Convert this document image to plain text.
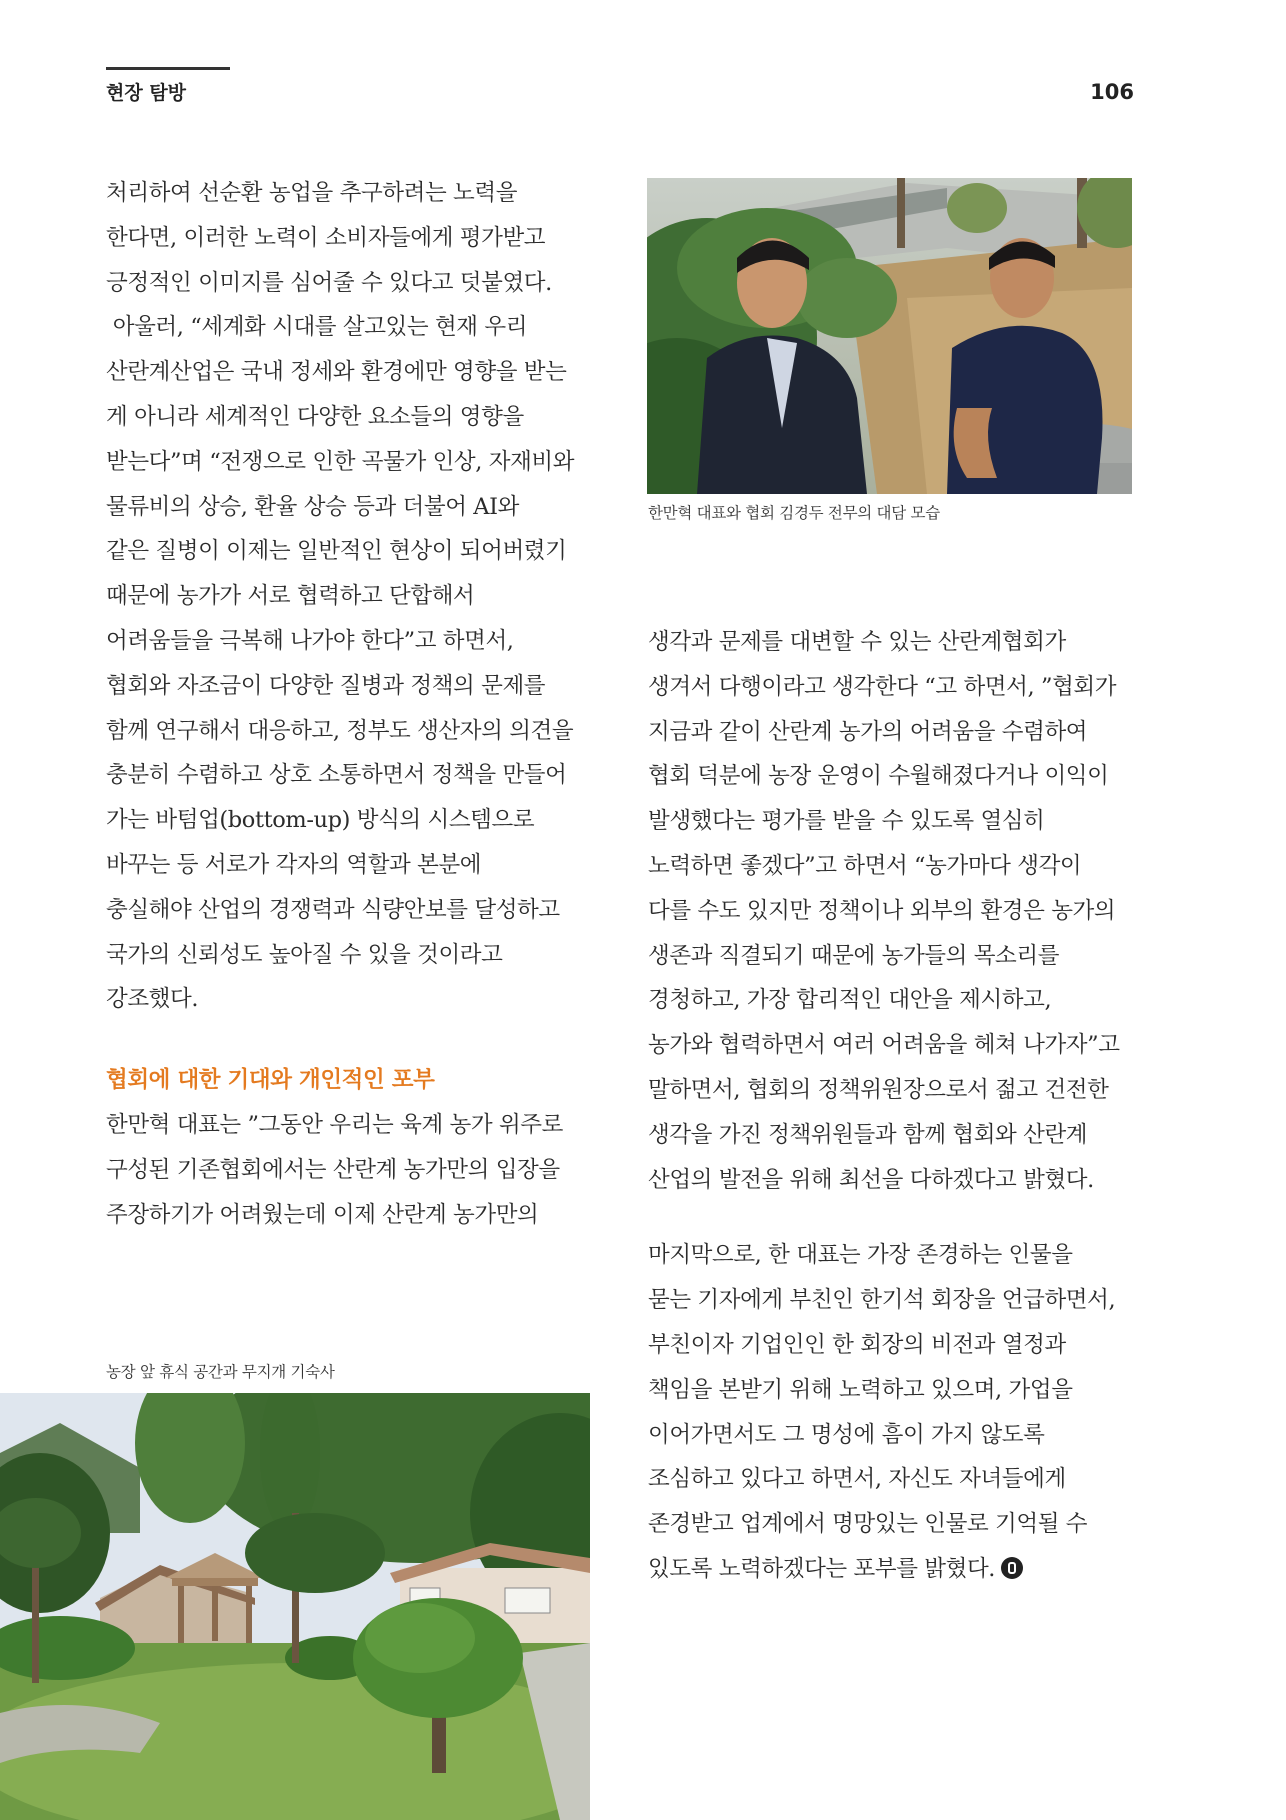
현장 탐방	106
한만혁 대표와 협회 김경두 전무의 대담 모습
농장 앞 휴식 공간과 무지개 기숙사

처리하여 선순환 농업을 추구하려는 노력을

한다면, 이러한 노력이 소비자들에게 평가받고

긍정적인 이미지를 심어줄 수 있다고 덧붙였다.

아울러, “세계화 시대를 살고있는 현재 우리

산란계산업은 국내 정세와 환경에만 영향을 받는

게 아니라 세계적인 다양한 요소들의 영향을

받는다”며 “전쟁으로 인한 곡물가 인상, 자재비와

물류비의 상승, 환율 상승 등과 더불어 AI와

같은 질병이 이제는 일반적인 현상이 되어버렸기

때문에 농가가 서로 협력하고 단합해서

어려움들을 극복해 나가야 한다”고 하면서,

협회와 자조금이 다양한 질병과 정책의 문제를

함께 연구해서 대응하고, 정부도 생산자의 의견을

충분히 수렴하고 상호 소통하면서 정책을 만들어

가는 바텀업(bottom-up) 방식의 시스템으로

바꾸는 등 서로가 각자의 역할과 본분에

충실해야 산업의 경쟁력과 식량안보를 달성하고

국가의 신뢰성도 높아질 수 있을 것이라고

강조했다.

협회에 대한 기대와 개인적인 포부

한만혁 대표는 ”그동안 우리는 육계 농가 위주로

구성된 기존협회에서는 산란계 농가만의 입장을

주장하기가 어려웠는데 이제 산란계 농가만의

생각과 문제를 대변할 수 있는 산란계협회가

생겨서 다행이라고 생각한다 “고 하면서, ”협회가

지금과 같이 산란계 농가의 어려움을 수렴하여

협회 덕분에 농장 운영이 수월해졌다거나 이익이

발생했다는 평가를 받을 수 있도록 열심히

노력하면 좋겠다”고 하면서 “농가마다 생각이

다를 수도 있지만 정책이나 외부의 환경은 농가의

생존과 직결되기 때문에 농가들의 목소리를

경청하고, 가장 합리적인 대안을 제시하고,

농가와 협력하면서 여러 어려움을 헤쳐 나가자”고

말하면서, 협회의 정책위원장으로서 젊고 건전한

생각을 가진 정책위원들과 함께 협회와 산란계

산업의 발전을 위해 최선을 다하겠다고 밝혔다.

마지막으로, 한 대표는 가장 존경하는 인물을

묻는 기자에게 부친인 한기석 회장을 언급하면서,

부친이자 기업인인 한 회장의 비전과 열정과

책임을 본받기 위해 노력하고 있으며, 가업을

이어가면서도 그 명성에 흠이 가지 않도록

조심하고 있다고 하면서, 자신도 자녀들에게

존경받고 업계에서 명망있는 인물로 기억될 수

있도록 노력하겠다는 포부를 밝혔다.
